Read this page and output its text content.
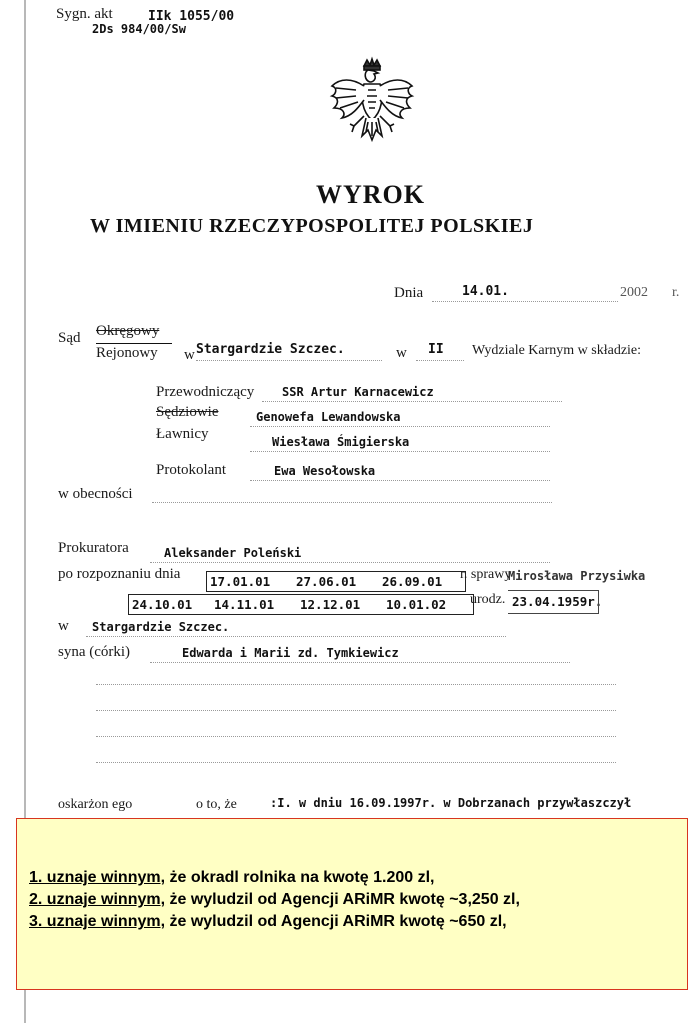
Sygn. akt	IIk 1055/00
2Ds 984/00/Sw
WYROK
W IMIENIU RZECZYPOSPOLITEJ POLSKIEJ
Dnia	14.01.	2002 r.
Sąd Okręgowy
Rejonowy w Stargardzie Szczec.	w II Wydziale Karnym w składzie:
Przewodniczący SSR Artur Karnacewicz
Sędziowie	Genowefa Lewandowska
Ławnicy	Wiesława Śmigierska
Protokolant	Ewa Wesołowska
w obecności
Prokuratora	Aleksander Poleński
po rozpoznaniu dnia 17.01.01 27.06.01 26.09.01 r. sprawy
Mirosława Przysiwka
24.10.01 14.11.01 12.12.01 10.01.02 urodz. 23.04.1959r.
w Stargardzie Szczec.
syna (córki)	Edwarda i Marii zd. Tymkiewicz
oskarżon ego	o to, że	:I. w dniu 16.09.1997r. w Dobrzanach przywłaszczył
1. uznaje winnym, że okradl rolnika na kwotę 1.200 zl,
2. uznaje winnym, że wyludzil od Agencji ARiMR kwotę ~3,250 zl,
3. uznaje winnym, że wyludzil od Agencji ARiMR kwotę ~650 zl,
